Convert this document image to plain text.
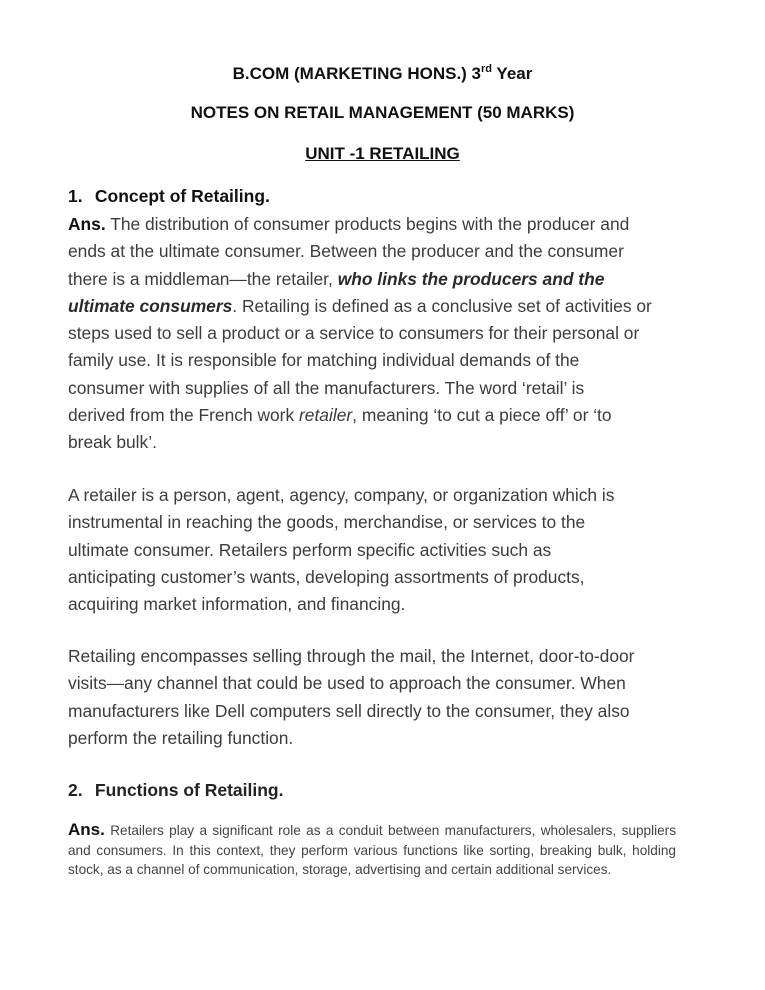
B.COM (MARKETING HONS.) 3rd Year
NOTES ON RETAIL MANAGEMENT (50 MARKS)
UNIT -1 RETAILING
1. Concept of Retailing.

Ans. The distribution of consumer products begins with the producer and
ends at the ultimate consumer. Between the producer and the consumer
there is a middleman—the retailer, who links the producers and the
ultimate consumers. Retailing is defined as a conclusive set of activities or
steps used to sell a product or a service to consumers for their personal or
family use. It is responsible for matching individual demands of the
consumer with supplies of all the manufacturers. The word ‘retail’ is
derived from the French work retailer, meaning ‘to cut a piece off’ or ‘to
break bulk’.

A retailer is a person, agent, agency, company, or organization which is
instrumental in reaching the goods, merchandise, or services to the
ultimate consumer. Retailers perform specific activities such as
anticipating customer’s wants, developing assortments of products,
acquiring market information, and financing.

Retailing encompasses selling through the mail, the Internet, door-to-door
visits—any channel that could be used to approach the consumer. When
manufacturers like Dell computers sell directly to the consumer, they also
perform the retailing function.

2. Functions of Retailing.

Ans. Retailers play a significant role as a conduit between manufacturers, wholesalers, suppliers and consumers. In this context, they perform various functions like sorting, breaking bulk, holding stock, as a channel of communication, storage, advertising and certain additional services.
